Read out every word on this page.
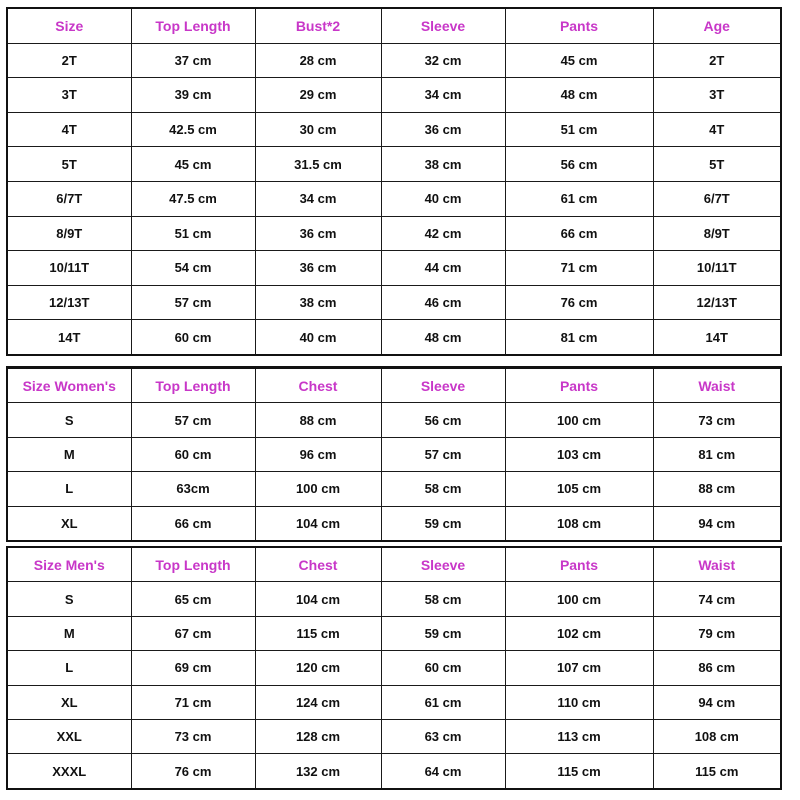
Size	Top Length	Bust*2	Sleeve	Pants	Age
2T	37 cm	28 cm	32 cm	45 cm	2T
3T	39 cm	29 cm	34 cm	48 cm	3T
4T	42.5 cm	30 cm	36 cm	51 cm	4T
5T	45 cm	31.5 cm	38 cm	56 cm	5T
6/7T	47.5 cm	34 cm	40 cm	61 cm	6/7T
8/9T	51 cm	36 cm	42 cm	66 cm	8/9T
10/11T	54 cm	36 cm	44 cm	71 cm	10/11T
12/13T	57 cm	38 cm	46 cm	76 cm	12/13T
14T	60 cm	40 cm	48 cm	81 cm	14T
Size Women's	Top Length	Chest	Sleeve	Pants	Waist
S	57 cm	88 cm	56 cm	100 cm	73 cm
M	60 cm	96 cm	57 cm	103 cm	81 cm
L	63cm	100 cm	58 cm	105 cm	88 cm
XL	66 cm	104 cm	59 cm	108 cm	94 cm
Size Men's	Top Length	Chest	Sleeve	Pants	Waist
S	65 cm	104 cm	58 cm	100 cm	74 cm
M	67 cm	115 cm	59 cm	102 cm	79 cm
L	69 cm	120 cm	60 cm	107 cm	86 cm
XL	71 cm	124 cm	61 cm	110 cm	94 cm
XXL	73 cm	128 cm	63 cm	113 cm	108 cm
XXXL	76 cm	132 cm	64 cm	115 cm	115 cm
